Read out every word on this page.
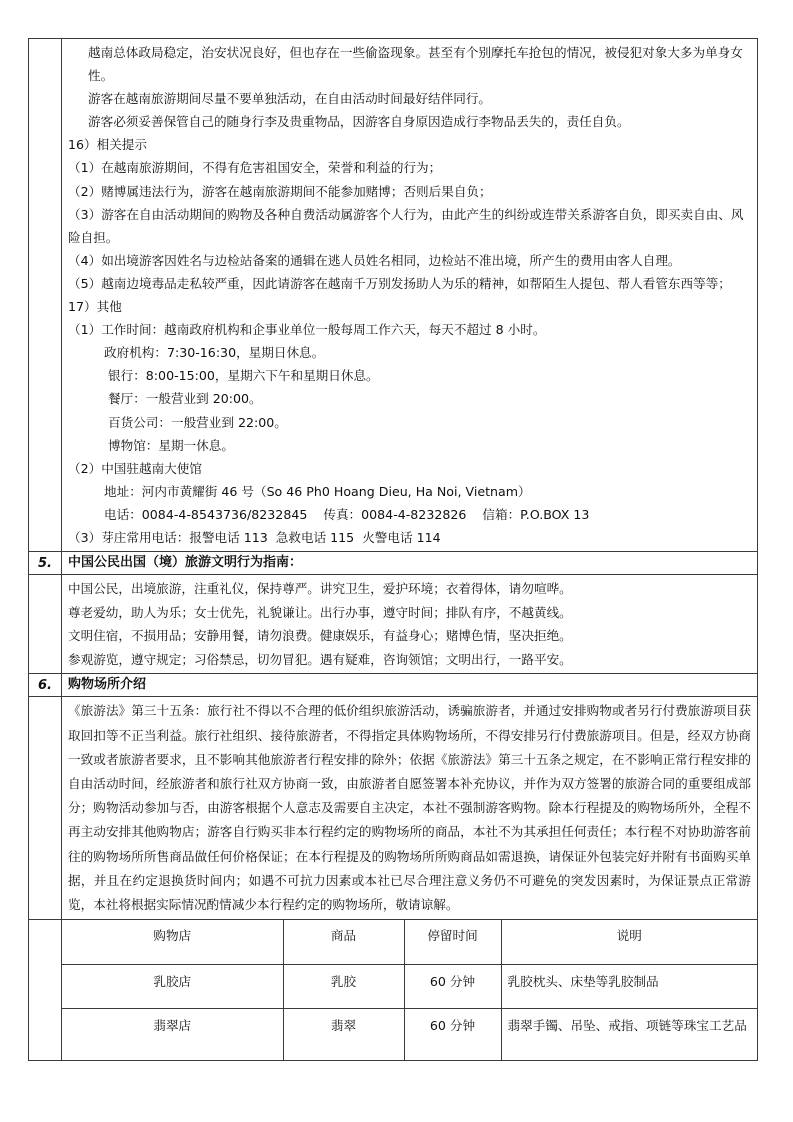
越南总体政局稳定，治安状况良好，但也存在一些偷盗现象。甚至有个别摩托车抢包的情况，被侵犯对象大多为单身女性。

游客在越南旅游期间尽量不要单独活动，在自由活动时间最好结伴同行。

游客必须妥善保管自己的随身行李及贵重物品，因游客自身原因造成行李物品丢失的，责任自负。

16）相关提示

（1）在越南旅游期间，不得有危害祖国安全，荣誉和利益的行为；

（2）赌博属违法行为，游客在越南旅游期间不能参加赌博；否则后果自负；

（3）游客在自由活动期间的购物及各种自费活动属游客个人行为，由此产生的纠纷或连带关系游客自负，即买卖自由、风险自担。

（4）如出境游客因姓名与边检站备案的通辑在逃人员姓名相同，边检站不准出境，所产生的费用由客人自理。

（5）越南边境毒品走私较严重，因此请游客在越南千万别发扬助人为乐的精神，如帮陌生人提包、帮人看管东西等等；

17）其他

（1）工作时间：越南政府机构和企事业单位一般每周工作六天，每天不超过 8 小时。

政府机构：7:30-16:30，星期日休息。

银行：8:00-15:00，星期六下午和星期日休息。

餐厅：一般营业到 20:00。

百货公司：一般营业到 22:00。

博物馆：星期一休息。

（2）中国驻越南大使馆

地址：河内市黄耀街 46 号（So 46 Ph0 Hoang Dieu, Ha Noi, Vietnam）

电话：0084-4-8543736/8232845    传真：0084-4-8232826    信箱：P.O.BOX 13

（3）芽庄常用电话：报警电话 113  急救电话 115  火警电话 114

5.	中国公民出国（境）旅游文明行为指南：

中国公民，出境旅游，注重礼仪，保持尊严。讲究卫生，爱护环境；衣着得体，请勿喧哗。

尊老爱幼，助人为乐；女士优先，礼貌谦让。出行办事，遵守时间；排队有序，不越黄线。

文明住宿，不损用品；安静用餐，请勿浪费。健康娱乐，有益身心；赌博色情，坚决拒绝。

参观游览，遵守规定；习俗禁忌，切勿冒犯。遇有疑难，咨询领馆；文明出行，一路平安。

6.	购物场所介绍
《旅游法》第三十五条：旅行社不得以不合理的低价组织旅游活动，诱骗旅游者，并通过安排购物或者另行付费旅游项目获取回扣等不正当利益。旅行社组织、接待旅游者，不得指定具体购物场所，不得安排另行付费旅游项目。但是，经双方协商一致或者旅游者要求，且不影响其他旅游者行程安排的除外；依据《旅游法》第三十五条之规定，在不影响正常行程安排的自由活动时间，经旅游者和旅行社双方协商一致，由旅游者自愿签署本补充协议，并作为双方签署的旅游合同的重要组成部分；购物活动参加与否，由游客根据个人意志及需要自主决定，本社不强制游客购物。除本行程提及的购物场所外，全程不再主动安排其他购物店；游客自行购买非本行程约定的购物场所的商品，本社不为其承担任何责任；本行程不对协助游客前往的购物场所所售商品做任何价格保证；在本行程提及的购物场所所购商品如需退换，请保证外包装完好并附有书面购买单据，并且在约定退换货时间内；如遇不可抗力因素或本社已尽合理注意义务仍不可避免的突发因素时，为保证景点正常游览，本社将根据实际情况酌情减少本行程约定的购物场所，敬请谅解。
购物店	商品	停留时间	说明
乳胶店	乳胶	60 分钟	乳胶枕头、床垫等乳胶制品
翡翠店	翡翠	60 分钟	翡翠手镯、吊坠、戒指、项链等珠宝工艺品
